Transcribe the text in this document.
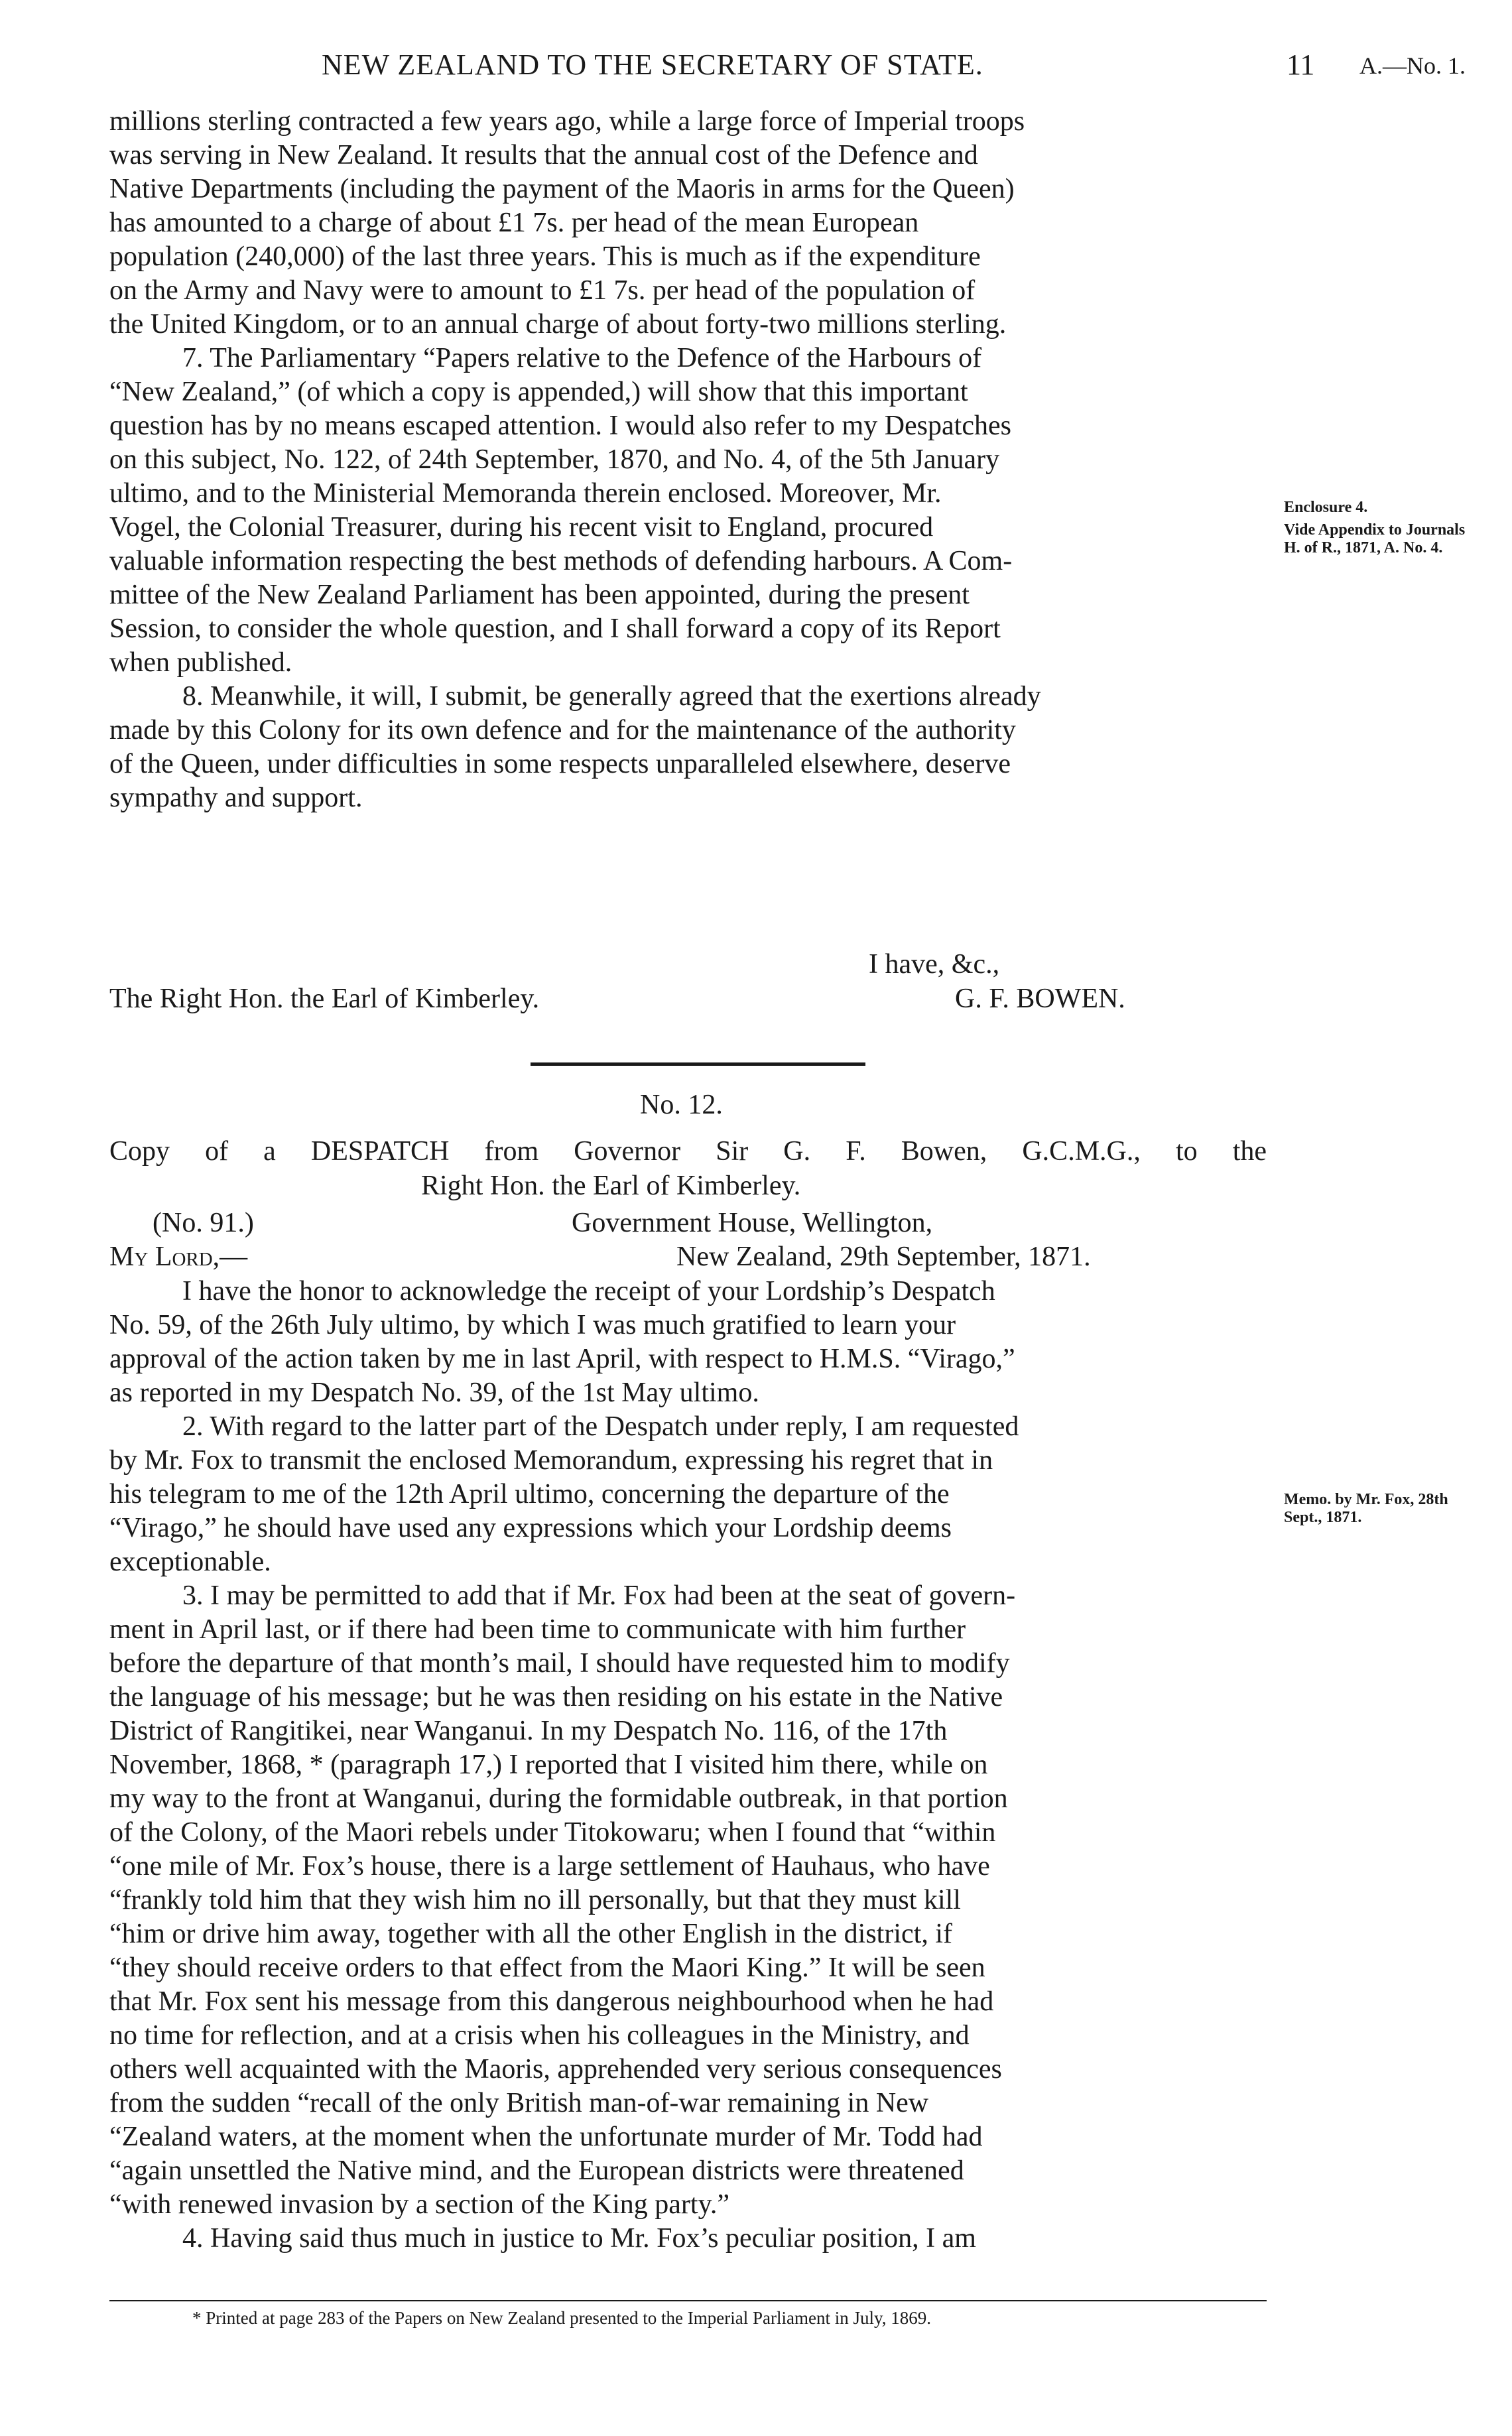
NEW ZEALAND TO THE SECRETARY OF STATE.	11 A.—No. 1.

millions sterling contracted a few years ago, while a large force of Imperial troops

was serving in New Zealand. It results that the annual cost of the Defence and

Native Departments (including the payment of the Maoris in arms for the Queen)

has amounted to a charge of about £1 7s. per head of the mean European

population (240,000) of the last three years. This is much as if the expenditure

on the Army and Navy were to amount to £1 7s. per head of the population of

the United Kingdom, or to an annual charge of about forty-two millions sterling.

7. The Parliamentary “Papers relative to the Defence of the Harbours of

“New Zealand,” (of which a copy is appended,) will show that this important

question has by no means escaped attention. I would also refer to my Despatches

on this subject, No. 122, of 24th September, 1870, and No. 4, of the 5th January

ultimo, and to the Ministerial Memoranda therein enclosed. Moreover, Mr.

Vogel, the Colonial Treasurer, during his recent visit to England, procured

valuable information respecting the best methods of defending harbours. A Com-

mittee of the New Zealand Parliament has been appointed, during the present

Session, to consider the whole question, and I shall forward a copy of its Report

when published.

8. Meanwhile, it will, I submit, be generally agreed that the exertions already

made by this Colony for its own defence and for the maintenance of the authority

of the Queen, under difficulties in some respects unparalleled elsewhere, deserve

sympathy and support.

I have, &c.,
The Right Hon. the Earl of Kimberley.	G. F. BOWEN.
Enclosure 4.
Vide Appendix to Journals H. of R., 1871, A. No. 4.
Memo. by Mr. Fox, 28th Sept., 1871.
No. 12.
Copy of a DESPATCH from Governor Sir G. F. Bowen, G.C.M.G., to the
Right Hon. the Earl of Kimberley.
(No. 91.)	Government House, Wellington,
My Lord,—	New Zealand, 29th September, 1871.

I have the honor to acknowledge the receipt of your Lordship’s Despatch

No. 59, of the 26th July ultimo, by which I was much gratified to learn your

approval of the action taken by me in last April, with respect to H.M.S. “Virago,”

as reported in my Despatch No. 39, of the 1st May ultimo.

2. With regard to the latter part of the Despatch under reply, I am requested

by Mr. Fox to transmit the enclosed Memorandum, expressing his regret that in

his telegram to me of the 12th April ultimo, concerning the departure of the

“Virago,” he should have used any expressions which your Lordship deems

exceptionable.

3. I may be permitted to add that if Mr. Fox had been at the seat of govern-

ment in April last, or if there had been time to communicate with him further

before the departure of that month’s mail, I should have requested him to modify

the language of his message; but he was then residing on his estate in the Native

District of Rangitikei, near Wanganui. In my Despatch No. 116, of the 17th

November, 1868, * (paragraph 17,) I reported that I visited him there, while on

my way to the front at Wanganui, during the formidable outbreak, in that portion

of the Colony, of the Maori rebels under Titokowaru; when I found that “within

“one mile of Mr. Fox’s house, there is a large settlement of Hauhaus, who have

“frankly told him that they wish him no ill personally, but that they must kill

“him or drive him away, together with all the other English in the district, if

“they should receive orders to that effect from the Maori King.” It will be seen

that Mr. Fox sent his message from this dangerous neighbourhood when he had

no time for reflection, and at a crisis when his colleagues in the Ministry, and

others well acquainted with the Maoris, apprehended very serious consequences

from the sudden “recall of the only British man-of-war remaining in New

“Zealand waters, at the moment when the unfortunate murder of Mr. Todd had

“again unsettled the Native mind, and the European districts were threatened

“with renewed invasion by a section of the King party.”

4. Having said thus much in justice to Mr. Fox’s peculiar position, I am

* Printed at page 283 of the Papers on New Zealand presented to the Imperial Parliament in July, 1869.
